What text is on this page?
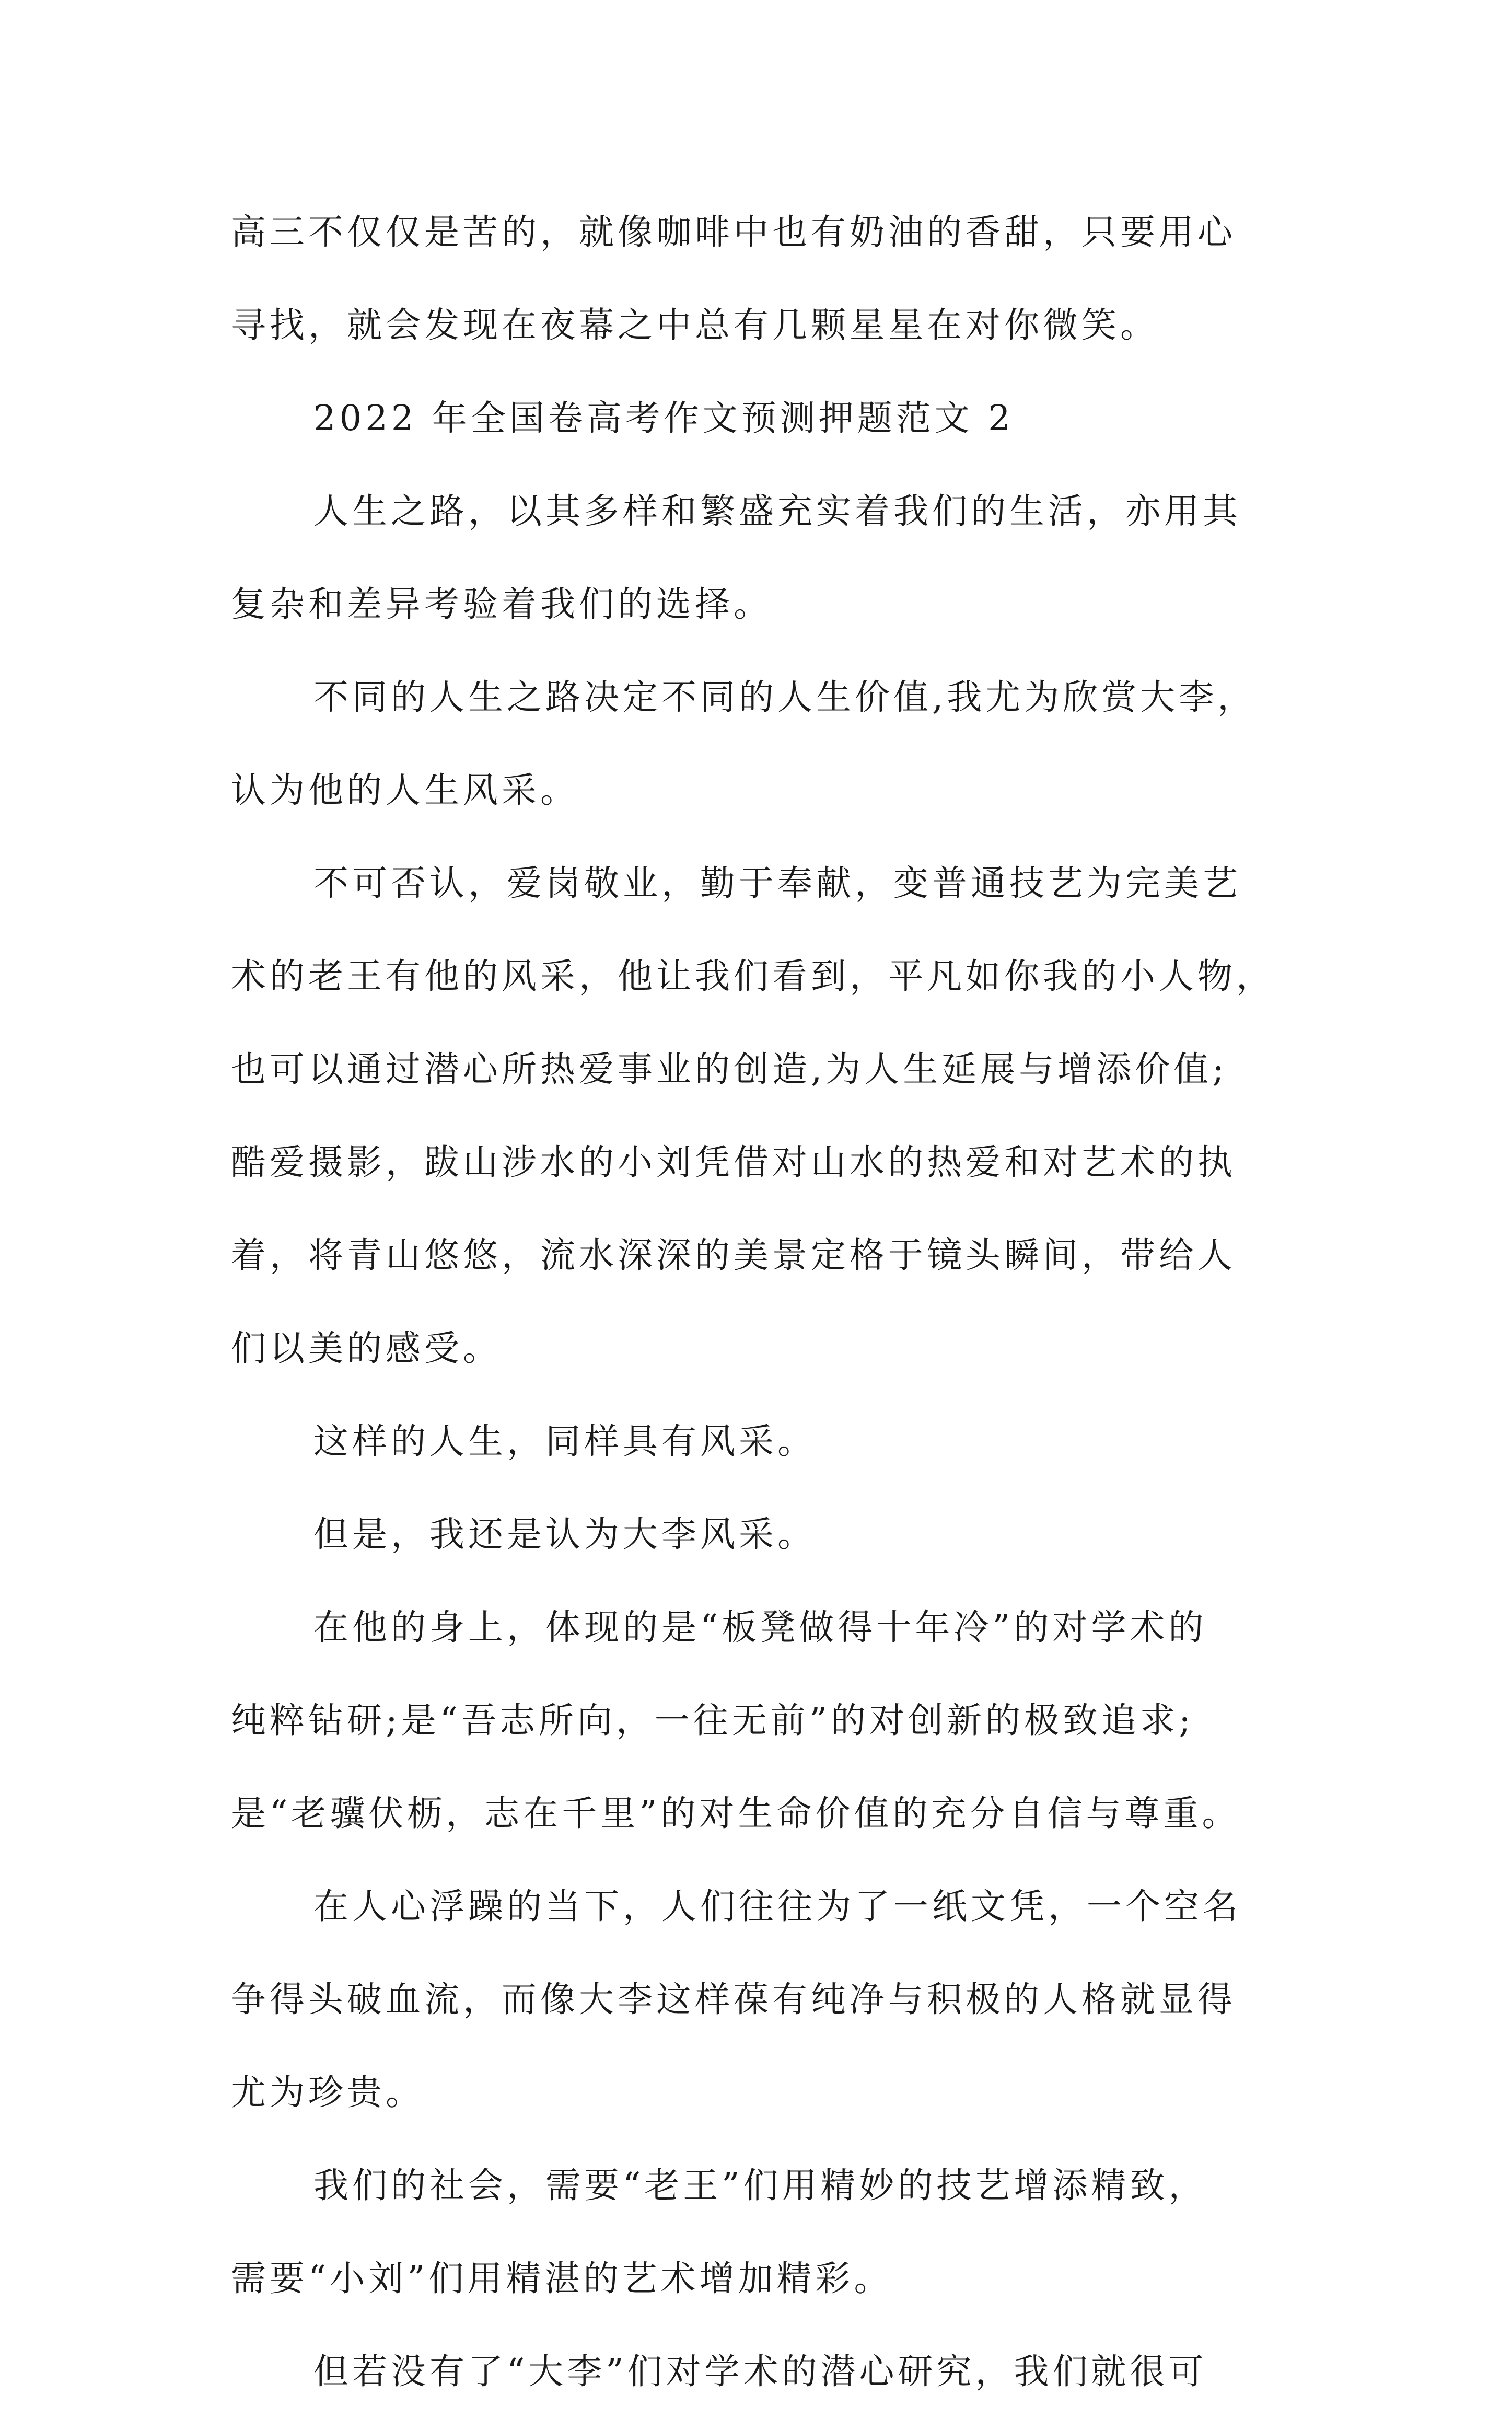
高三不仅仅是苦的，就像咖啡中也有奶油的香甜，只要用心
寻找，就会发现在夜幕之中总有几颗星星在对你微笑。
2022 年全国卷高考作文预测押题范文 2
人生之路，以其多样和繁盛充实着我们的生活，亦用其
复杂和差异考验着我们的选择。
不同的人生之路决定不同的人生价值,我尤为欣赏大李，
认为他的人生风采。
不可否认，爱岗敬业，勤于奉献，变普通技艺为完美艺
术的老王有他的风采，他让我们看到，平凡如你我的小人物，
也可以通过潜心所热爱事业的创造,为人生延展与增添价值;
酷爱摄影，跋山涉水的小刘凭借对山水的热爱和对艺术的执
着，将青山悠悠，流水深深的美景定格于镜头瞬间，带给人
们以美的感受。
这样的人生，同样具有风采。
但是，我还是认为大李风采。
在他的身上，体现的是“板凳做得十年冷”的对学术的
纯粹钻研;是“吾志所向，一往无前”的对创新的极致追求;
是“老骥伏枥，志在千里”的对生命价值的充分自信与尊重。
在人心浮躁的当下，人们往往为了一纸文凭，一个空名
争得头破血流，而像大李这样葆有纯净与积极的人格就显得
尤为珍贵。
我们的社会，需要“老王”们用精妙的技艺增添精致，
需要“小刘”们用精湛的艺术增加精彩。
但若没有了“大李”们对学术的潜心研究，我们就很可
